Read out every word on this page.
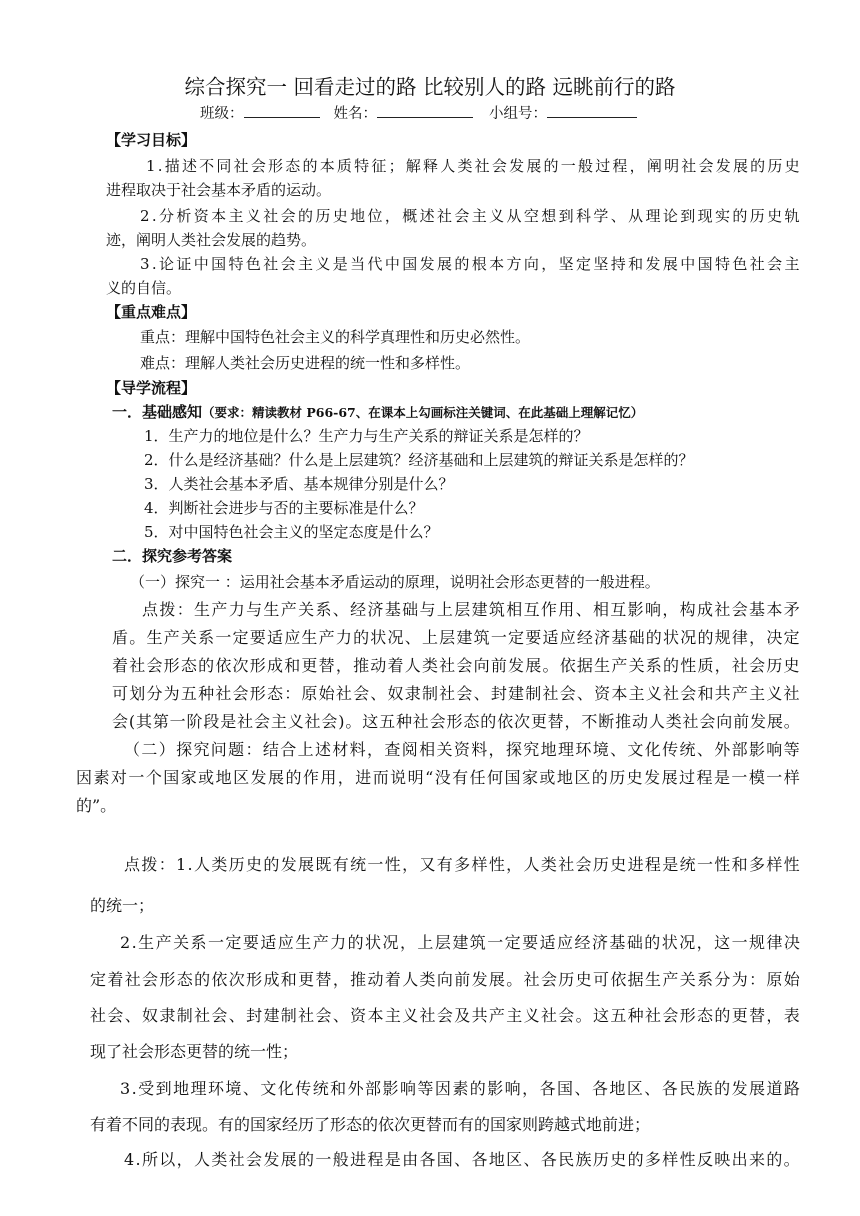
综合探究一 回看走过的路 比较别人的路 远眺前行的路
班级：	姓名：	小组号：
【学习目标】
1 . 描 述 不 同 社 会 形 态 的 本 质 特 征 ； 解 释 人 类 社 会 发 展 的 一 般 过 程 ， 阐 明 社 会 发 展 的 历 史
进程取决于社会基本矛盾的运动。
2 . 分 析 资 本 主 义 社 会 的 历 史 地 位 ， 概 述 社 会 主 义 从 空 想 到 科 学 、 从 理 论 到 现 实 的 历 史 轨
迹，阐明人类社会发展的趋势。
3 . 论 证 中 国 特 色 社 会 主 义 是 当 代 中 国 发 展 的 根 本 方 向 ， 坚 定 坚 持 和 发 展 中 国 特 色 社 会 主
义的自信。
【重点难点】
重点：理解中国特色社会主义的科学真理性和历史必然性。
难点：理解人类社会历史进程的统一性和多样性。
【导学流程】
一．基础感知（要求：精读教材 P66-67、在课本上勾画标注关键词、在此基础上理解记忆）
1．生产力的地位是什么？生产力与生产关系的辩证关系是怎样的？
2．什么是经济基础？什么是上层建筑？经济基础和上层建筑的辩证关系是怎样的？
3．人类社会基本矛盾、基本规律分别是什么？
4．判断社会进步与否的主要标准是什么？
5．对中国特色社会主义的坚定态度是什么？
二．探究参考答案
（一）探究一 ：运用社会基本矛盾运动的原理，说明社会形态更替的一般进程。
点 拨 ： 生 产 力 与 生 产 关 系 、 经 济 基 础 与 上 层 建 筑 相 互 作 用 、 相 互 影 响 ， 构 成 社 会 基 本 矛
盾 。 生 产 关 系 一 定 要 适 应 生 产 力 的 状 况 、 上 层 建 筑 一 定 要 适 应 经 济 基 础 的 状 况 的 规 律 ， 决 定
着 社 会 形 态 的 依 次 形 成 和 更 替 ， 推 动 着 人 类 社 会 向 前 发 展 。 依 据 生 产 关 系 的 性 质 ， 社 会 历 史
可 划 分 为 五 种 社 会 形 态 ： 原 始 社 会 、 奴 隶 制 社 会 、 封 建 制 社 会 、 资 本 主 义 社 会 和 共 产 主 义 社
会 ( 其 第 一 阶 段 是 社 会 主 义 社 会 ) 。 这 五 种 社 会 形 态 的 依 次 更 替 ， 不 断 推 动 人 类 社 会 向 前 发 展 。
（ 二 ） 探 究 问 题 ： 结 合 上 述 材 料 ， 查 阅 相 关 资 料 ， 探 究 地 理 环 境 、 文 化 传 统 、 外 部 影 响 等
因 素 对 一 个 国 家 或 地 区 发 展 的 作 用 ， 进 而 说 明 “ 没 有 任 何 国 家 或 地 区 的 历 史 发 展 过 程 是 一 模 一 样
的”。
点 拨 ： 1 . 人 类 历 史 的 发 展 既 有 统 一 性 ， 又 有 多 样 性 ， 人 类 社 会 历 史 进 程 是 统 一 性 和 多 样 性
的统一；
2 . 生 产 关 系 一 定 要 适 应 生 产 力 的 状 况 ， 上 层 建 筑 一 定 要 适 应 经 济 基 础 的 状 况 ， 这 一 规 律 决
定 着 社 会 形 态 的 依 次 形 成 和 更 替 ， 推 动 着 人 类 向 前 发 展 。 社 会 历 史 可 依 据 生 产 关 系 分 为 ： 原 始
社 会 、 奴 隶 制 社 会 、 封 建 制 社 会 、 资 本 主 义 社 会 及 共 产 主 义 社 会 。 这 五 种 社 会 形 态 的 更 替 ， 表
现了社会形态更替的统一性；
3 . 受 到 地 理 环 境 、 文 化 传 统 和 外 部 影 响 等 因 素 的 影 响 ， 各 国 、 各 地 区 、 各 民 族 的 发 展 道 路
有着不同的表现。有的国家经历了形态的依次更替而有的国家则跨越式地前进；
4 . 所 以 ， 人 类 社 会 发 展 的 一 般 进 程 是 由 各 国 、 各 地 区 、 各 民 族 历 史 的 多 样 性 反 映 出 来 的 。
